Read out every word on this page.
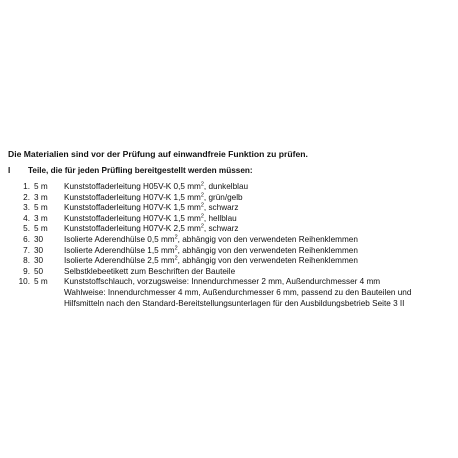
Die Materialien sind vor der Prüfung auf einwandfreie Funktion zu prüfen.
I Teile, die für jeden Prüfling bereitgestellt werden müssen:
1. 5 m	Kunststoffaderleitung H05V-K 0,5 $mm^2$, dunkelblau
2. 3 m	Kunststoffaderleitung H07V-K 1,5 $mm^2$, grün/gelb
3. 5 m	Kunststoffaderleitung H07V-K 1,5 $mm^2$, schwarz
4. 3 m	Kunststoffaderleitung H07V-K 1,5 $mm^2$, hellblau
5. 5 m	Kunststoffaderleitung H07V-K 2,5 $mm^2$, schwarz
6. 30	Isolierte Aderendhülse 0,5 $mm^2$, abhängig von den verwendeten Reihenklemmen
7. 30	Isolierte Aderendhülse 1,5 $mm^2$, abhängig von den verwendeten Reihenklemmen
8. 30	Isolierte Aderendhülse 2,5 $mm^2$, abhängig von den verwendeten Reihenklemmen
9. 50	Selbstklebeetikett zum Beschriften der Bauteile
10. 5 m	Kunststoffschlauch, vorzugsweise: Innendurchmesser 2 mm, Außendurchmesser 4 mm
Wahlweise: Innendurchmesser 4 mm, Außendurchmesser 6 mm, passend zu den Bauteilen und
Hilfsmitteln nach den Standard-Bereitstellungsunterlagen für den Ausbildungsbetrieb Seite 3 II
